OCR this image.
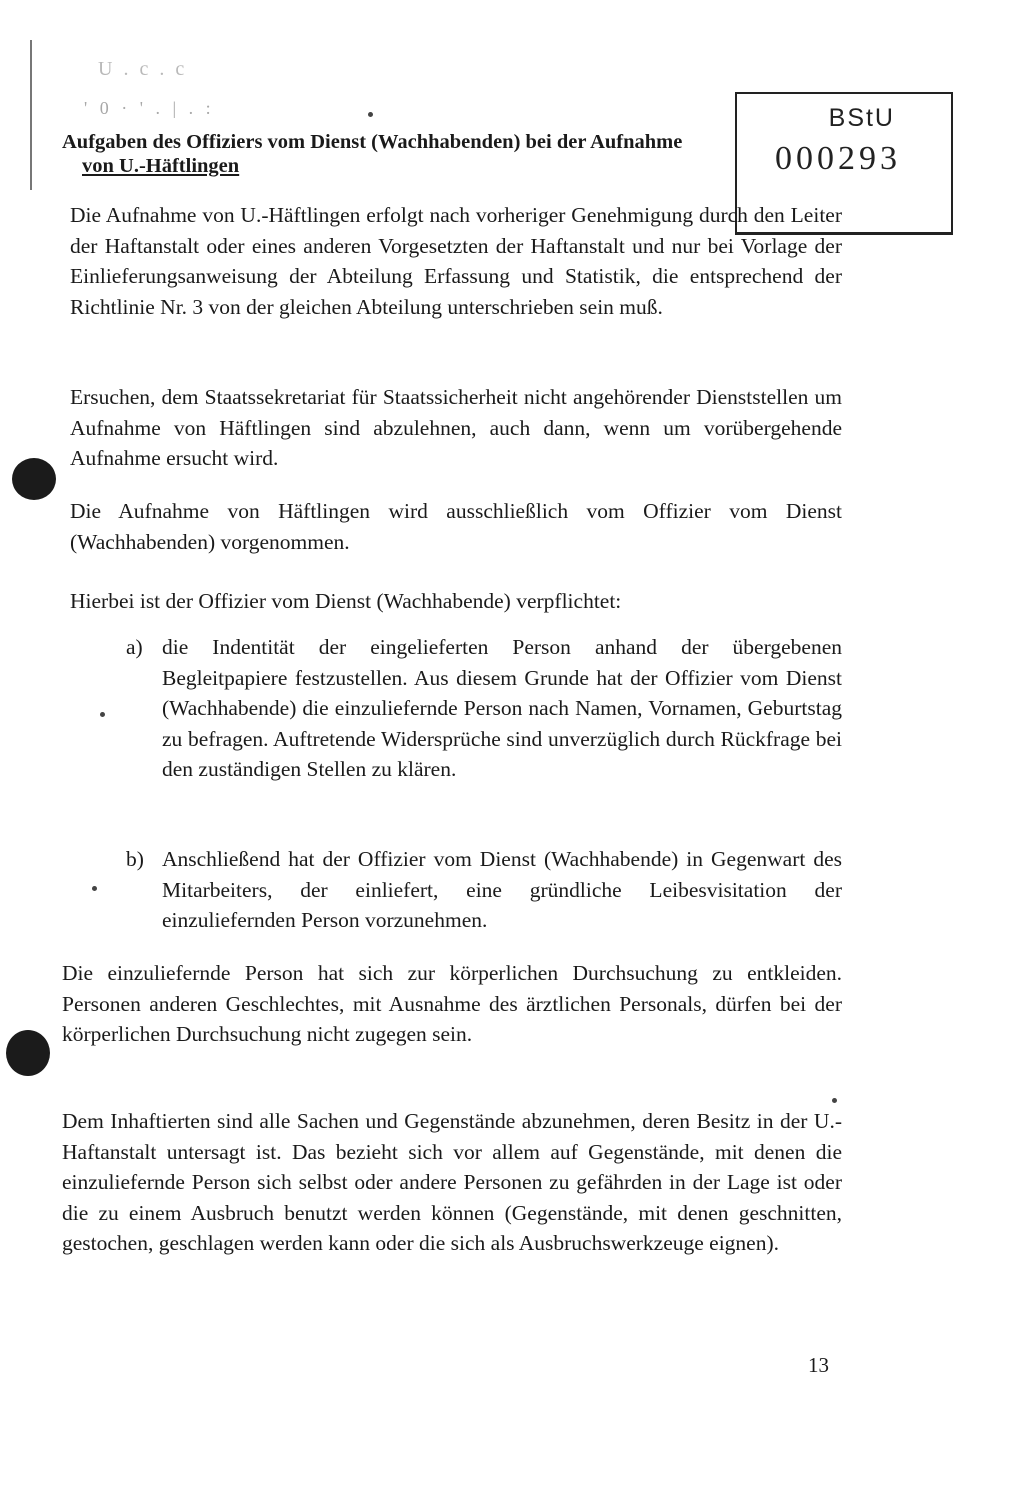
U . c . c
' 0 · ' . | . :
Aufgaben des Offiziers vom Dienst (Wachhabenden) bei der Aufnahme
von U.-Häftlingen
BStU
000293
Die Aufnahme von U.-Häftlingen erfolgt nach vorheriger Genehmigung durch den Leiter der Haftanstalt oder eines anderen Vorgesetzten der Haftanstalt und nur bei Vorlage der Einlieferungsanweisung der Abteilung Erfassung und Statistik, die entsprechend der Richtlinie Nr. 3 von der gleichen Abteilung unterschrieben sein muß.
Ersuchen, dem Staatssekretariat für Staatssicherheit nicht angehörender Dienststellen um Aufnahme von Häftlingen sind abzulehnen, auch dann, wenn um vorübergehende Aufnahme ersucht wird.
Die Aufnahme von Häftlingen wird ausschließlich vom Offizier vom Dienst (Wachhabenden) vorgenommen.
Hierbei ist der Offizier vom Dienst (Wachhabende) verpflichtet:
a) die Indentität der eingelieferten Person anhand der übergebenen Begleitpapiere festzustellen. Aus diesem Grunde hat der Offizier vom Dienst (Wachhabende) die einzuliefernde Person nach Namen, Vornamen, Geburtstag zu befragen. Auftretende Widersprüche sind unverzüglich durch Rückfrage bei den zuständigen Stellen zu klären.
b) Anschließend hat der Offizier vom Dienst (Wachhabende) in Gegenwart des Mitarbeiters, der einliefert, eine gründliche Leibesvisitation der einzuliefernden Person vorzunehmen.
Die einzuliefernde Person hat sich zur körperlichen Durchsuchung zu entkleiden. Personen anderen Geschlechtes, mit Ausnahme des ärztlichen Personals, dürfen bei der körperlichen Durchsuchung nicht zugegen sein.
Dem Inhaftierten sind alle Sachen und Gegenstände abzunehmen, deren Besitz in der U.-Haftanstalt untersagt ist. Das bezieht sich vor allem auf Gegenstände, mit denen die einzuliefernde Person sich selbst oder andere Personen zu gefährden in der Lage ist oder die zu einem Ausbruch benutzt werden können (Gegenstände, mit denen geschnitten, gestochen, geschlagen werden kann oder die sich als Ausbruchswerkzeuge eignen).
13
